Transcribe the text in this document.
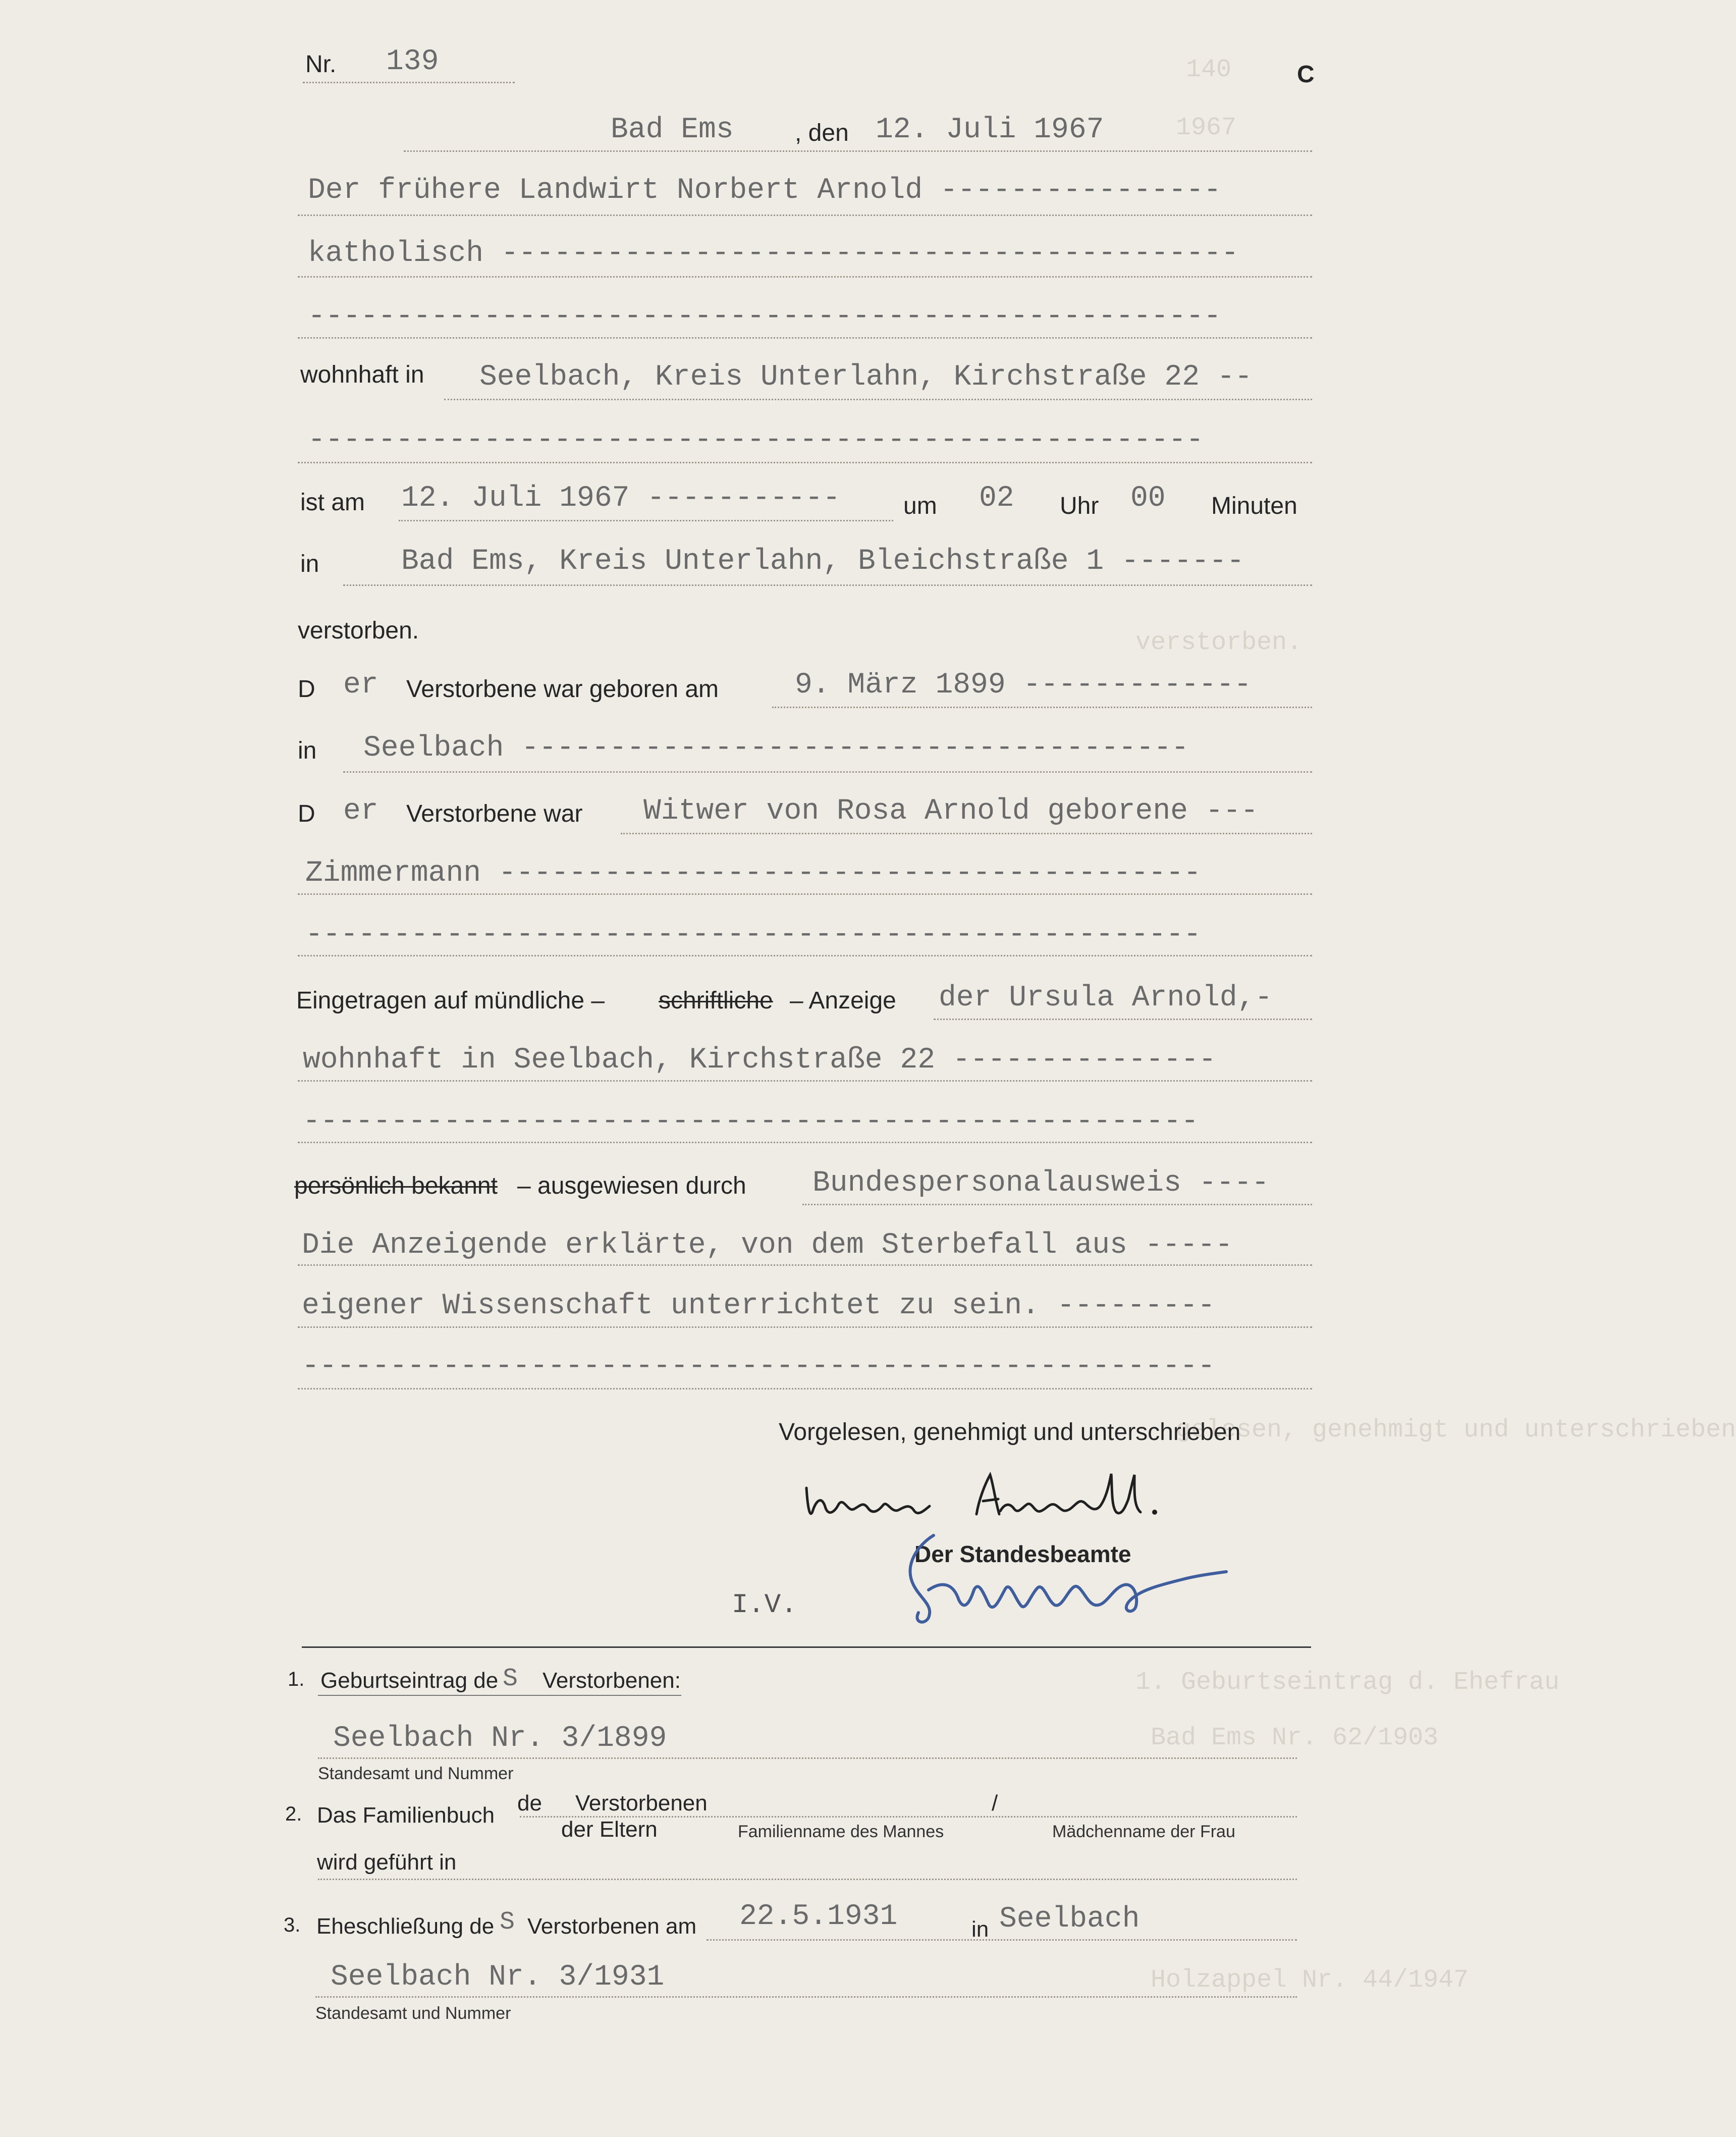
140
1967
verstorben.
gelesen, genehmigt und unterschrieben
1. Geburtseintrag d. Ehefrau
Bad Ems Nr. 62/1903
Holzappel Nr. 44/1947
Nr. 139	C
Bad Ems	, den 12. Juli 1967
Der frühere Landwirt Norbert Arnold ----------------
katholisch ------------------------------------------
----------------------------------------------------
wohnhaft in Seelbach, Kreis Unterlahn, Kirchstraße 22 --
---------------------------------------------------
ist am 12. Juli 1967 -----------	um 02 Uhr 00 Minuten
in	Bad Ems, Kreis Unterlahn, Bleichstraße 1 -------
verstorben.
D er Verstorbene war geboren am	9. März 1899 -------------
in Seelbach --------------------------------------
D er Verstorbene war Witwer von Rosa Arnold geborene ---
Zimmermann ----------------------------------------
---------------------------------------------------
Eingetragen auf mündliche – schriftliche – Anzeige der Ursula Arnold,-
wohnhaft in Seelbach, Kirchstraße 22 ---------------
---------------------------------------------------
persönlich bekannt – ausgewiesen durch Bundespersonalausweis ----
Die Anzeigende erklärte, von dem Sterbefall aus -----
eigener Wissenschaft unterrichtet zu sein. ---------
----------------------------------------------------
Vorgelesen, genehmigt und unterschrieben
Der Standesbeamte
I.V.
1. Geburtseintrag de S Verstorbenen:
Seelbach Nr. 3/1899
Standesamt und Nummer
2. Das Familienbuch de Verstorbenen	/
der Eltern	Familienname des Mannes	Mädchenname der Frau
wird geführt in
3. Eheschließung de S Verstorbenen am 22.5.1931	in Seelbach
Seelbach Nr. 3/1931
Standesamt und Nummer
